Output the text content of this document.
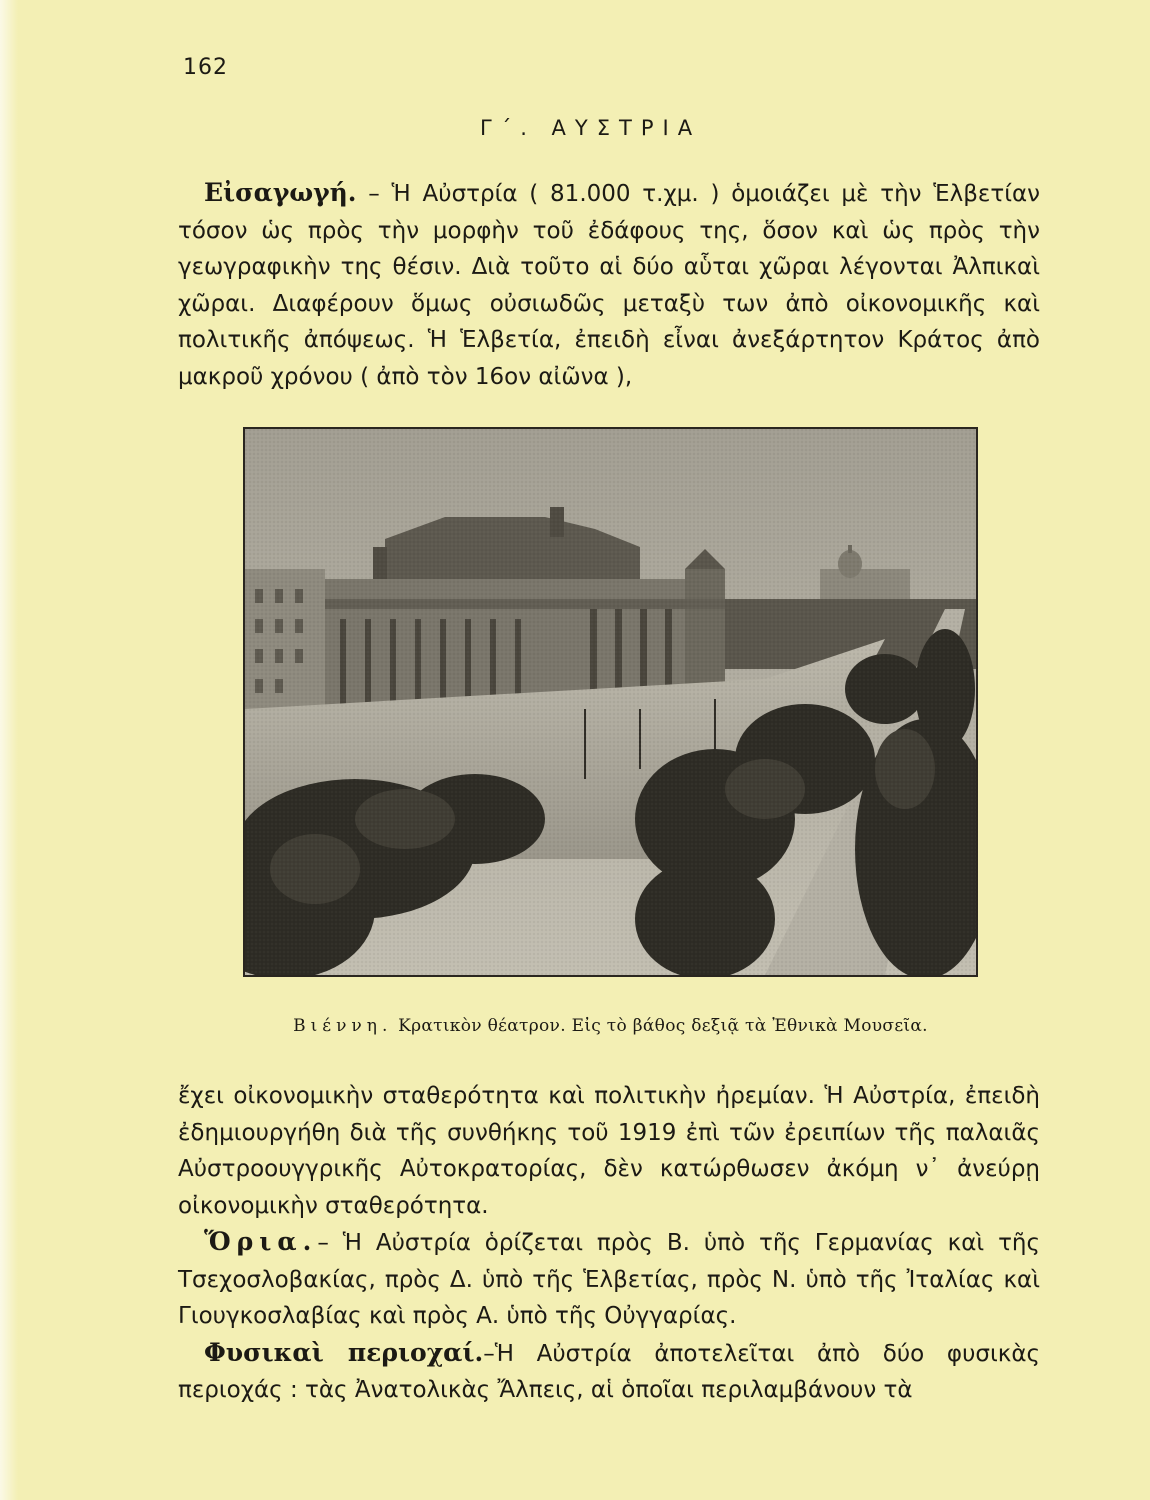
162
Γ΄. ΑΥΣΤΡΙΑ

Εἰσαγωγή. – Ἡ Αὐστρία ( 81.000 τ.χμ. ) ὁμοιάζει μὲ τὴν Ἑλβετίαν τόσον ὡς πρὸς τὴν μορφὴν τοῦ ἐδάφους της, ὅσον καὶ ὡς πρὸς τὴν γεωγραφικὴν της θέσιν. Διὰ τοῦτο αἱ δύο αὗται χῶραι λέγονται Ἀλπικαὶ χῶραι. Διαφέρουν ὅμως οὐσιωδῶς μεταξὺ των ἀπὸ οἰκονομικῆς καὶ πολιτικῆς ἀπόψεως. Ἡ Ἑλβετία, ἐπειδὴ εἶναι ἀνεξάρτητον Κράτος ἀπὸ μακροῦ χρόνου ( ἀπὸ τὸν 16ον αἰῶνα ),

Βιέννη. Κρατικὸν θέατρον. Εἰς τὸ βάθος δεξιᾷ τὰ Ἐθνικὰ Μουσεῖα.

ἔχει οἰκονομικὴν σταθερότητα καὶ πολιτικὴν ἠρεμίαν. Ἡ Αὐστρία, ἐπειδὴ ἐδημιουργήθη διὰ τῆς συνθήκης τοῦ 1919 ἐπὶ τῶν ἐρειπίων τῆς παλαιᾶς Αὐστροουγγρικῆς Αὐτοκρατορίας, δὲν κατώρθωσεν ἀκόμη ν᾽ ἀνεύρῃ οἰκονομικὴν σταθερότητα.

Ὅρια.– Ἡ Αὐστρία ὁρίζεται πρὸς Β. ὑπὸ τῆς Γερμανίας καὶ τῆς Τσεχοσλοβακίας, πρὸς Δ. ὑπὸ τῆς Ἑλβετίας, πρὸς Ν. ὑπὸ τῆς Ἰταλίας καὶ Γιουγκοσλαβίας καὶ πρὸς Α. ὑπὸ τῆς Οὐγγαρίας.

Φυσικαὶ περιοχαί.–Ἡ Αὐστρία ἀποτελεῖται ἀπὸ δύο φυσικὰς περιοχάς : τὰς Ἀνατολικὰς Ἄλπεις, αἱ ὁποῖαι περιλαμβάνουν τὰ
